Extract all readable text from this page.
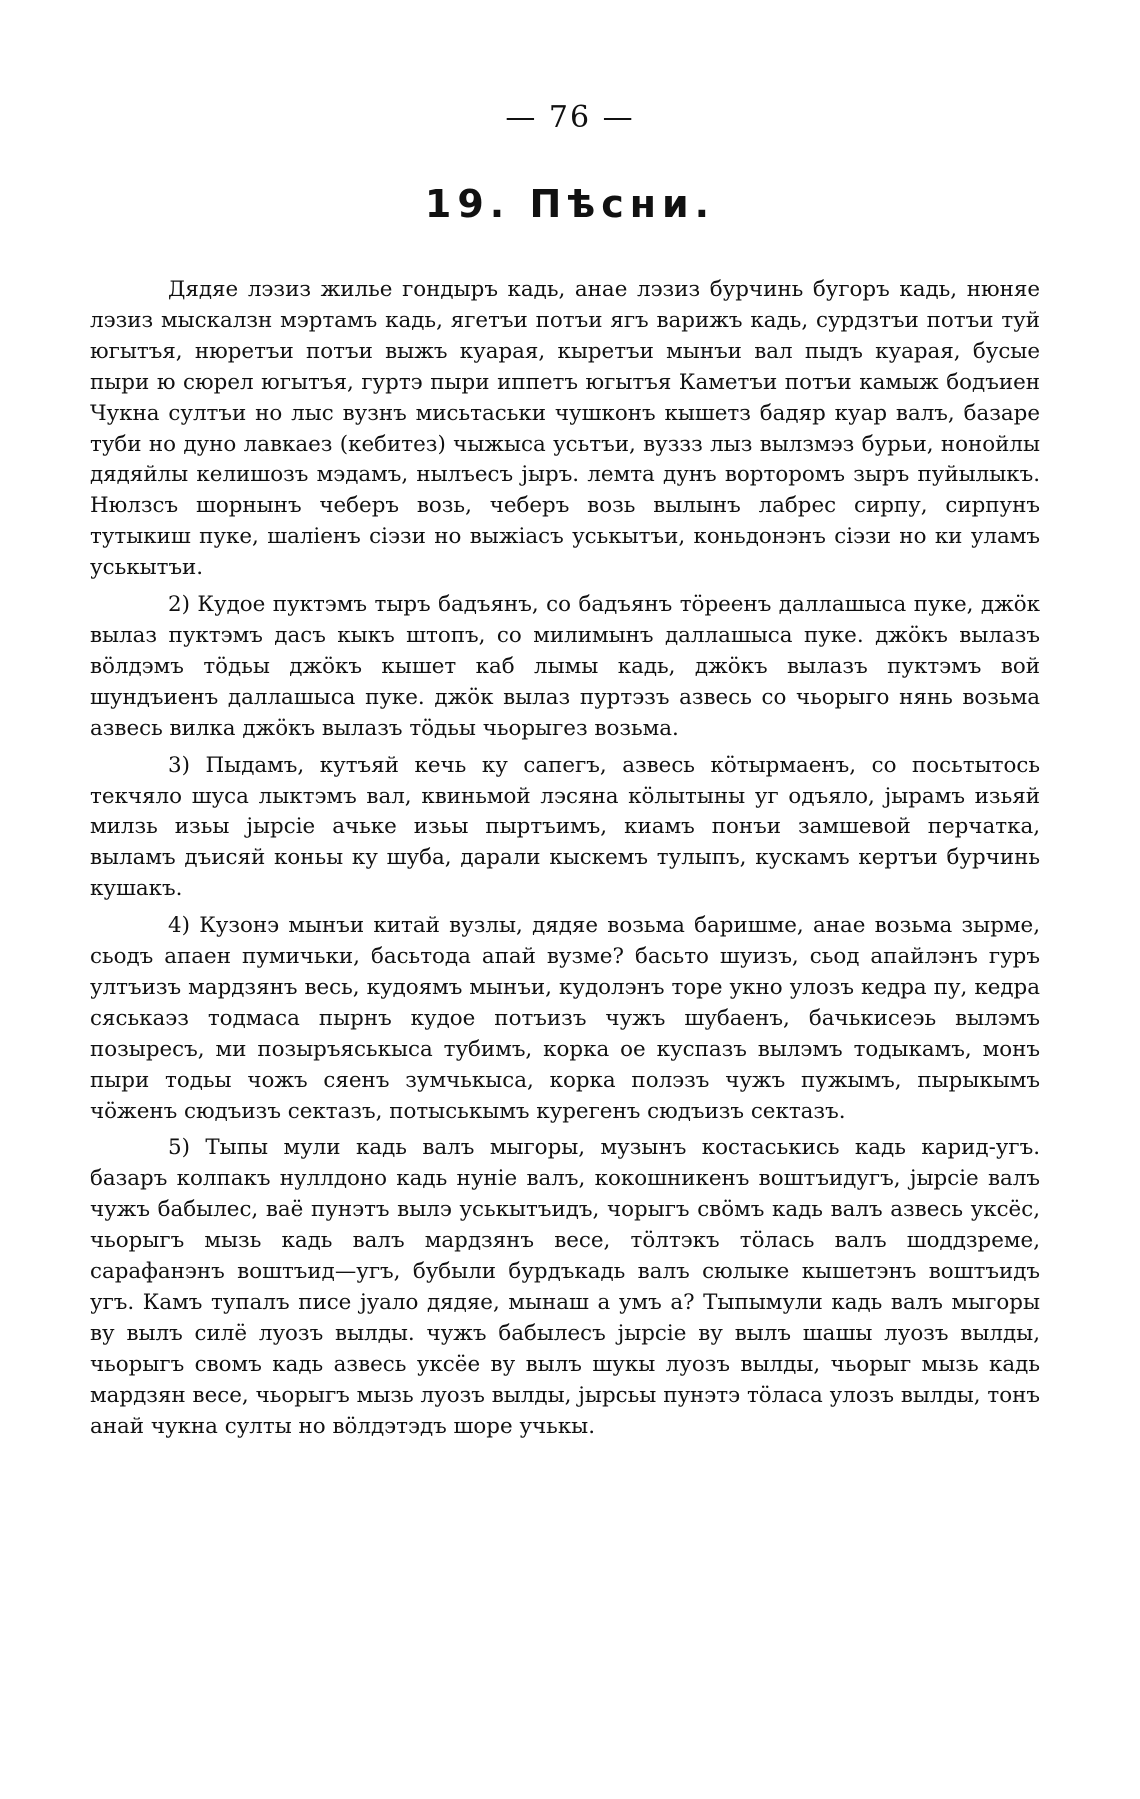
— 76 —
19. Пѣсни.

Дядяе лэзиз жилье гондыръ кадь, анае лэзиз бурчинь бугоръ кадь, нюняе лэзиз мыскалзн мэртамъ кадь, ягетъи потъи ягъ варижъ кадь, сурдзтъи потъи туй югытъя, нюретъи потъи выжъ куарая, кыретъи мынъи вал пыдъ куарая, бусые пыри ю сюрел югытъя, гуртэ пыри иппетъ югытъя Каметъи потъи камыж бодъиен Чукна султъи но лыс вузнъ мисьтаськи чушконъ кышетз бадяр куар валъ, базаре туби но дуно лавкаез (кебитез) чыжыса усьтъи, вуззз лыз вылзмэз бурьи, нонойлы дядяйлы келишозъ мэдамъ, нылъесъ јыръ. лемта дунъ ворторомъ зыръ пуйылыкъ. Нюлзсъ шорнынъ чеберъ возь, чеберъ возь вылынъ лабрес сирпу, сирпунъ тутыкиш пуке, шаліенъ сіэзи но выжіасъ уськытъи, коньдонэнъ сіэзи но ки уламъ уськытъи.

2) Кудое пуктэмъ тыръ бадъянъ, со бадъянъ тöреенъ даллашыса пуке, джöк вылаз пуктэмъ дасъ кыкъ штопъ, со милимынъ даллашыса пуке. джöкъ вылазъ вöлдэмъ тöдьы джöкъ кышет каб лымы кадь, джöкъ вылазъ пуктэмъ вой шундъиенъ даллашыса пуке. джöк вылаз пуртэзъ азвесь со чьорыго нянь возьма азвесь вилка джöкъ вылазъ тöдьы чьорыгез возьма.

3) Пыдамъ, кутъяй кечь ку сапегъ, азвесь кöтырмаенъ, со посьтытось текчяло шуса лыктэмъ вал, квиньмой лэсяна кöлытыны уг одъяло, јырамъ изьяй милзь изьы јырсіе ачьке изьы пыртъимъ, киамъ понъи замшевой перчатка, выламъ дъисяй коньы ку шуба, дарали кыскемъ тулыпъ, кускамъ кертъи бурчинь кушакъ.

4) Кузонэ мынъи китай вузлы, дядяе возьма баришме, анае возьма зырме, сьодъ апаен пумичьки, басьтода апай вузме? басьто шуизъ, сьод апайлэнъ гуръ ултъизъ мардзянъ весь, кудоямъ мынъи, кудолэнъ торе укно улозъ кедра пу, кедра сяськаэз тодмаса пырнъ кудое потъизъ чужъ шубаенъ, бачькисеэь вылэмъ позыресъ, ми позыръяськыса тубимъ, корка ое куспазъ вылэмъ тодыкамъ, монъ пыри тодьы чожъ сяенъ зумчькыса, корка полэзъ чужъ пужымъ, пырыкымъ чöженъ сюдъизъ сектазъ, потыськымъ курегенъ сюдъизъ сектазъ.

5) Тыпы мули кадь валъ мыгоры, музынъ костаськись кадь карид-угъ. базаръ колпакъ нуллдоно кадь нуніе валъ, кокошникенъ воштъидугъ, јырсіе валъ чужъ бабылес, ваë пунэтъ вылэ уськытъидъ, чорыгъ свöмъ кадь валъ азвесь уксëс, чьорыгъ мызь кадь валъ мардзянъ весе, тöлтэкъ тöлась валъ шоддзреме, сарафанэнъ воштъид—угъ, бубыли бурдъкадь валъ сюлыке кышетэнъ воштъидъ угъ. Камъ тупалъ писе јуало дядяе, мынаш а умъ а? Тыпымули кадь валъ мыгоры ву вылъ силë луозъ вылды. чужъ бабылесъ јырсіе ву вылъ шашы луозъ вылды, чьорыгъ свомъ кадь азвесь уксëе ву вылъ шукы луозъ вылды, чьорыг мызь кадь мардзян весе, чьорыгъ мызь луозъ вылды, јырсьы пунэтэ тöласа улозъ вылды, тонъ анай чукна султы но вöлдэтэдъ шоре учькы.
